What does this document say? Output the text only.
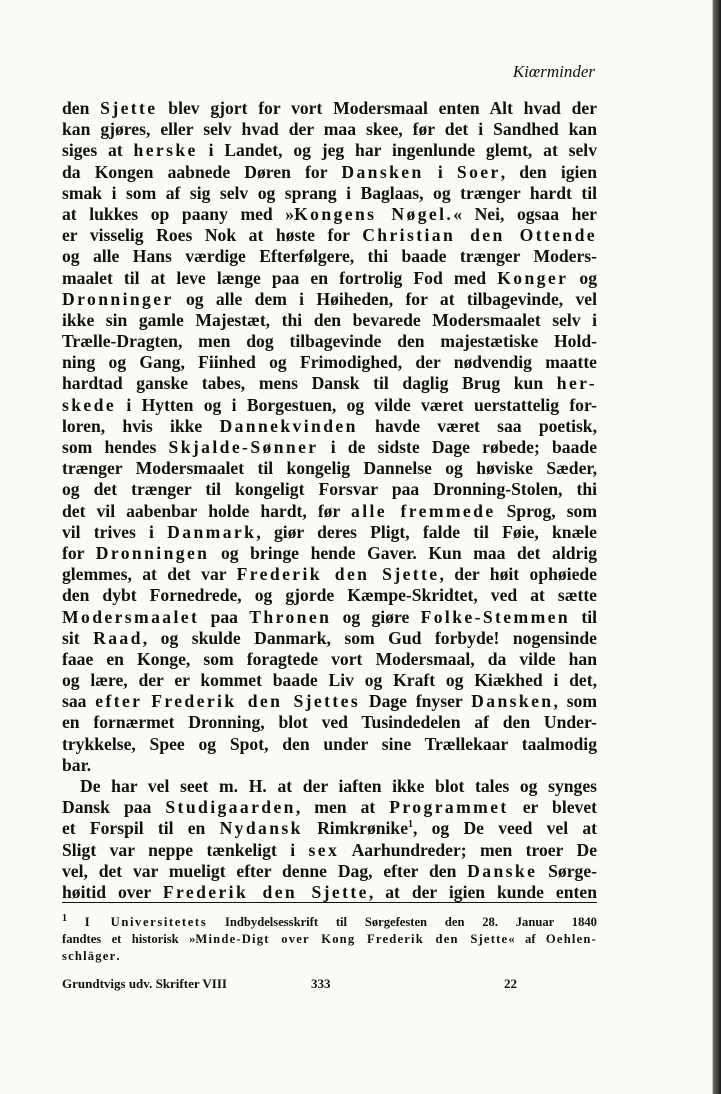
Kiœrminder
den Sjette blev gjort for vort Modersmaal enten Alt hvad der
kan gjøres, eller selv hvad der maa skee, før det i Sandhed kan
siges at herske i Landet, og jeg har ingenlunde glemt, at selv
da Kongen aabnede Døren for Dansken i Soer, den igien
smak i som af sig selv og sprang i Baglaas, og trænger hardt til
at lukkes op paany med »Kongens Nøgel.« Nei, ogsaa her
er visselig Roes Nok at høste for Christian den Ottende
og alle Hans værdige Efterfølgere, thi baade trænger Moders-
maalet til at leve længe paa en fortrolig Fod med Konger og
Dronninger og alle dem i Høiheden, for at tilbagevinde, vel
ikke sin gamle Majestæt, thi den bevarede Modersmaalet selv i
Trælle-Dragten, men dog tilbagevinde den majestætiske Hold-
ning og Gang, Fiinhed og Frimodighed, der nødvendig maatte
hardtad ganske tabes, mens Dansk til daglig Brug kun her-
skede i Hytten og i Borgestuen, og vilde været uerstattelig for-
loren, hvis ikke Dannekvinden havde været saa poetisk,
som hendes Skjalde-Sønner i de sidste Dage røbede; baade
trænger Modersmaalet til kongelig Dannelse og høviske Sæder,
og det trænger til kongeligt Forsvar paa Dronning-Stolen, thi
det vil aabenbar holde hardt, før alle fremmede Sprog, som
vil trives i Danmark, giør deres Pligt, falde til Føie, knæle
for Dronningen og bringe hende Gaver. Kun maa det aldrig
glemmes, at det var Frederik den Sjette, der høit ophøiede
den dybt Fornedrede, og gjorde Kæmpe-Skridtet, ved at sætte
Modersmaalet paa Thronen og giøre Folke-Stemmen til
sit Raad, og skulde Danmark, som Gud forbyde! nogensinde
faae en Konge, som foragtede vort Modersmaal, da vilde han
og lære, der er kommet baade Liv og Kraft og Kiækhed i det,
saa efter Frederik den Sjettes Dage fnyser Dansken, som
en fornærmet Dronning, blot ved Tusindedelen af den Under-
trykkelse, Spee og Spot, den under sine Trællekaar taalmodig
bar.
De har vel seet m. H. at der iaften ikke blot tales og synges
Dansk paa Studigaarden, men at Programmet er blevet
et Forspil til en Nydansk Rimkrønike$^1$, og De veed vel at
Sligt var neppe tænkeligt i sex Aarhundreder; men troer De
vel, det var mueligt efter denne Dag, efter den Danske Sørge-
høitid over Frederik den Sjette, at der igien kunde enten
$^1$ I Universitetets Indbydelsesskrift til Sørgefesten den 28. Januar 1840
fandtes et historisk »Minde-Digt over Kong Frederik den Sjette« af Oehlen-
schläger.
Grundtvigs udv. Skrifter VIII	333	22
